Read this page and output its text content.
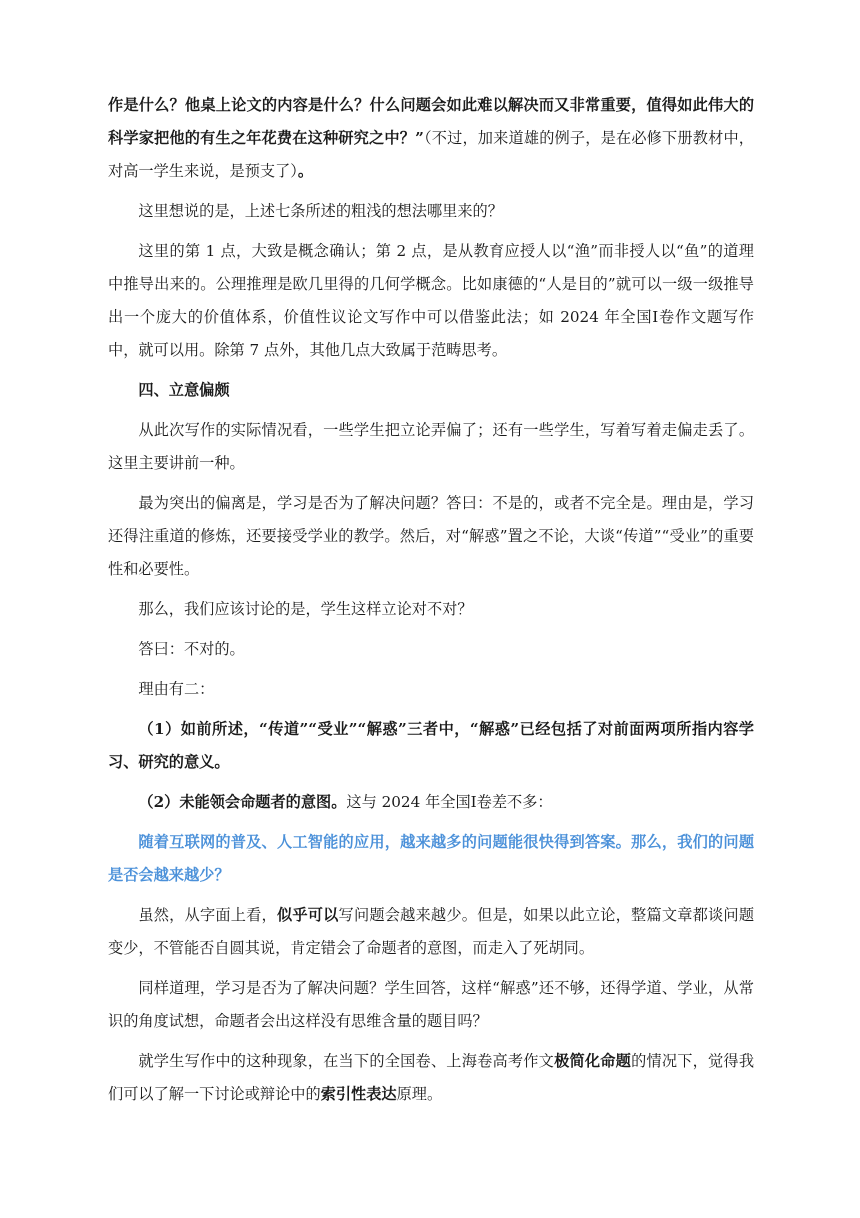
作是什么？他桌上论文的内容是什么？什么问题会如此难以解决而又非常重要，值得如此伟大的科学家把他的有生之年花费在这种研究之中？”（不过，加来道雄的例子，是在必修下册教材中，对高一学生来说，是预支了）。

这里想说的是，上述七条所述的粗浅的想法哪里来的？

这里的第 1 点，大致是概念确认；第 2 点，是从教育应授人以“渔”而非授人以“鱼”的道理中推导出来的。公理推理是欧几里得的几何学概念。比如康德的“人是目的”就可以一级一级推导出一个庞大的价值体系，价值性议论文写作中可以借鉴此法；如 2024 年全国Ⅰ卷作文题写作中，就可以用。除第 7 点外，其他几点大致属于范畴思考。

四、立意偏颇

从此次写作的实际情况看，一些学生把立论弄偏了；还有一些学生，写着写着走偏走丢了。这里主要讲前一种。

最为突出的偏离是，学习是否为了解决问题？答曰：不是的，或者不完全是。理由是，学习还得注重道的修炼，还要接受学业的教学。然后，对“解惑”置之不论，大谈“传道”“受业”的重要性和必要性。

那么，我们应该讨论的是，学生这样立论对不对？

答曰：不对的。

理由有二：

（1）如前所述，“传道”“受业”“解惑”三者中，“解惑”已经包括了对前面两项所指内容学习、研究的意义。

（2）未能领会命题者的意图。这与 2024 年全国Ⅰ卷差不多：

随着互联网的普及、人工智能的应用，越来越多的问题能很快得到答案。那么，我们的问题是否会越来越少？

虽然，从字面上看，似乎可以写问题会越来越少。但是，如果以此立论，整篇文章都谈问题变少，不管能否自圆其说，肯定错会了命题者的意图，而走入了死胡同。

同样道理，学习是否为了解决问题？学生回答，这样“解惑”还不够，还得学道、学业，从常识的角度试想，命题者会出这样没有思维含量的题目吗？

就学生写作中的这种现象，在当下的全国卷、上海卷高考作文极简化命题的情况下，觉得我们可以了解一下讨论或辩论中的索引性表达原理。
